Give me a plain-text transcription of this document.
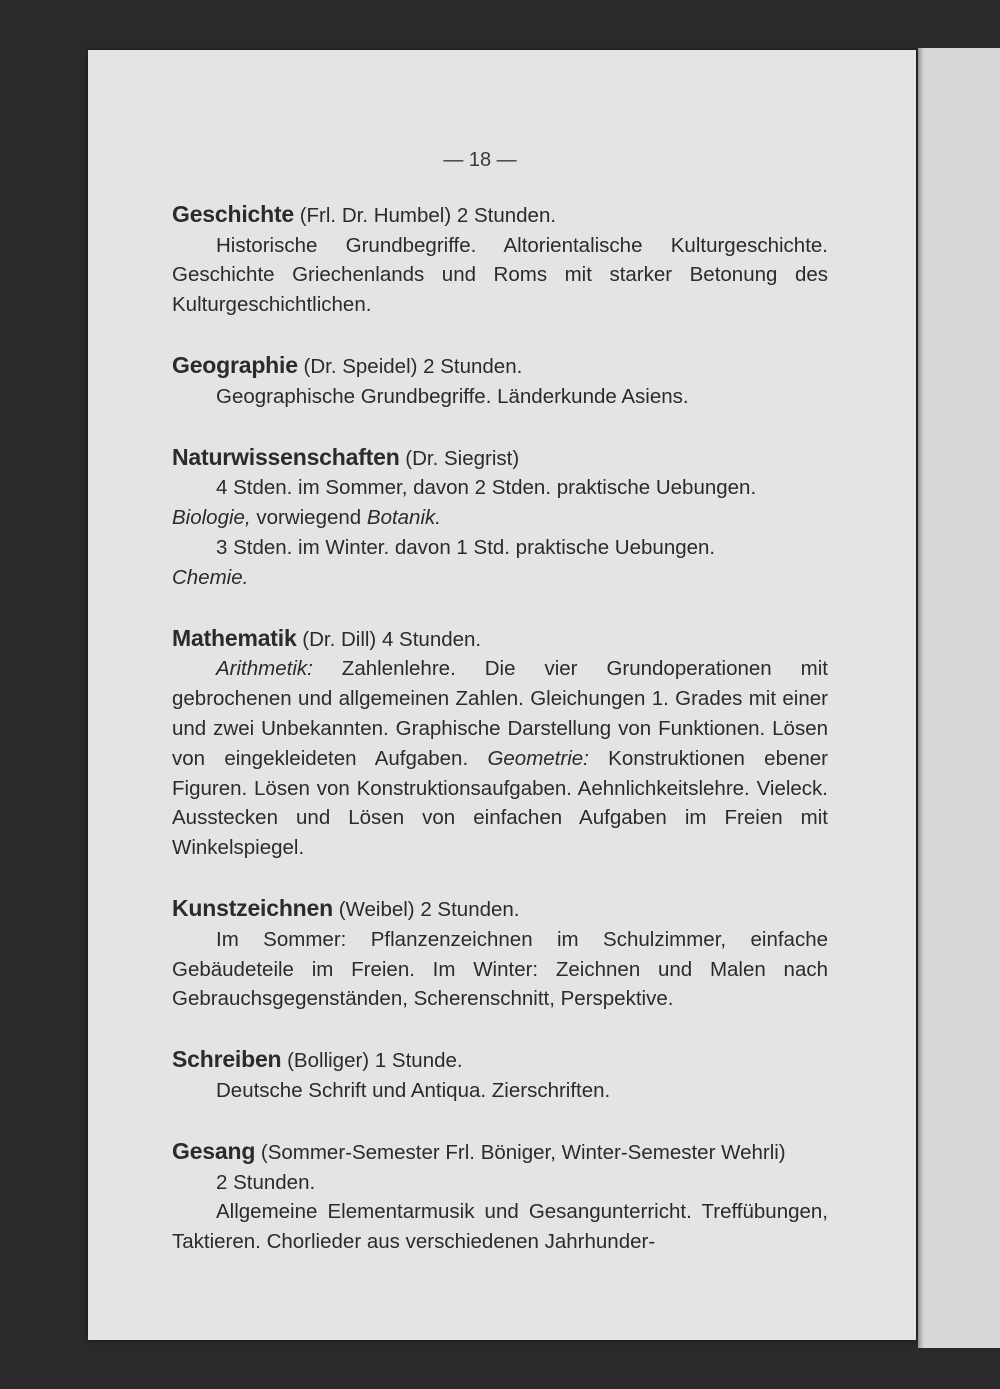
— 18 —
Geschichte (Frl. Dr. Humbel) 2 Stunden.
Historische Grundbegriffe. Altorientalische Kulturgeschichte. Geschichte Griechenlands und Roms mit starker Betonung des Kulturgeschichtlichen.
Geographie (Dr. Speidel) 2 Stunden.
Geographische Grundbegriffe. Länderkunde Asiens.
Naturwissenschaften (Dr. Siegrist)
4 Stden. im Sommer, davon 2 Stden. praktische Uebungen.
Biologie, vorwiegend Botanik.
3 Stden. im Winter. davon 1 Std. praktische Uebungen.
Chemie.
Mathematik (Dr. Dill) 4 Stunden.
Arithmetik: Zahlenlehre. Die vier Grundoperationen mit gebrochenen und allgemeinen Zahlen. Gleichungen 1. Grades mit einer und zwei Unbekannten. Graphische Darstellung von Funktionen. Lösen von eingekleideten Aufgaben. Geometrie: Konstruktionen ebener Figuren. Lösen von Konstruktionsaufgaben. Aehnlichkeitslehre. Vieleck. Ausstecken und Lösen von einfachen Aufgaben im Freien mit Winkelspiegel.
Kunstzeichnen (Weibel) 2 Stunden.
Im Sommer: Pflanzenzeichnen im Schulzimmer, einfache Gebäudeteile im Freien. Im Winter: Zeichnen und Malen nach Gebrauchsgegenständen, Scherenschnitt, Perspektive.
Schreiben (Bolliger) 1 Stunde.
Deutsche Schrift und Antiqua. Zierschriften.
Gesang (Sommer-Semester Frl. Böniger, Winter-Semester Wehrli)
2 Stunden.
Allgemeine Elementarmusik und Gesangunterricht. Treffübungen, Taktieren. Chorlieder aus verschiedenen Jahrhunder-
